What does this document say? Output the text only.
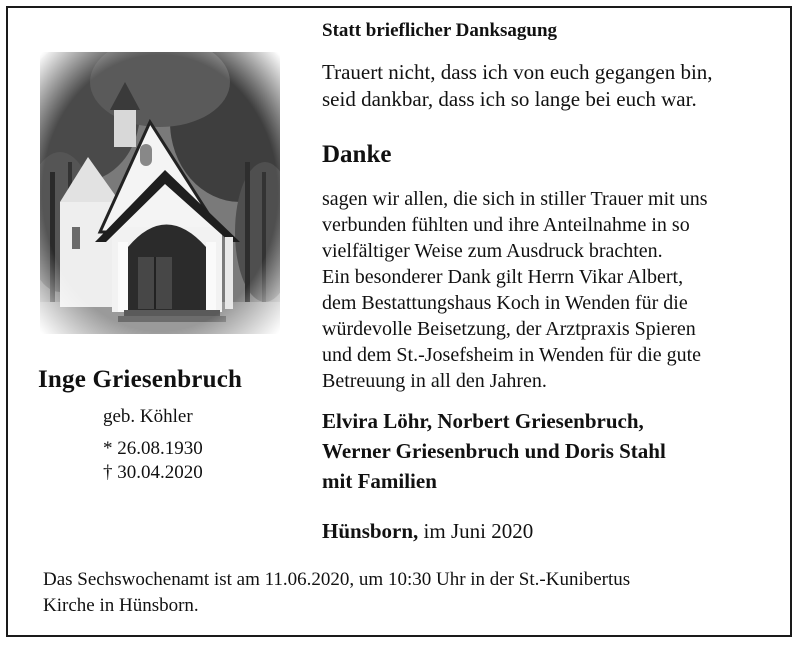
Inge Griesenbruch
geb. Köhler
* 26.08.1930
† 30.04.2020
Statt brieflicher Danksagung
Trauert nicht, dass ich von euch gegangen bin,
seid dankbar, dass ich so lange bei euch war.
Danke
sagen wir allen, die sich in stiller Trauer mit uns
verbunden fühlten und ihre Anteilnahme in so
vielfältiger Weise zum Ausdruck brachten.
Ein besonderer Dank gilt Herrn Vikar Albert,
dem Bestattungshaus Koch in Wenden für die
würdevolle Beisetzung, der Arztpraxis Spieren
und dem St.-Josefsheim in Wenden für die gute
Betreuung in all den Jahren.
Elvira Löhr, Norbert Griesenbruch,
Werner Griesenbruch und Doris Stahl
mit Familien
Hünsborn, im Juni 2020
Das Sechswochenamt ist am 11.06.2020, um 10:30 Uhr in der St.-Kunibertus
Kirche in Hünsborn.
